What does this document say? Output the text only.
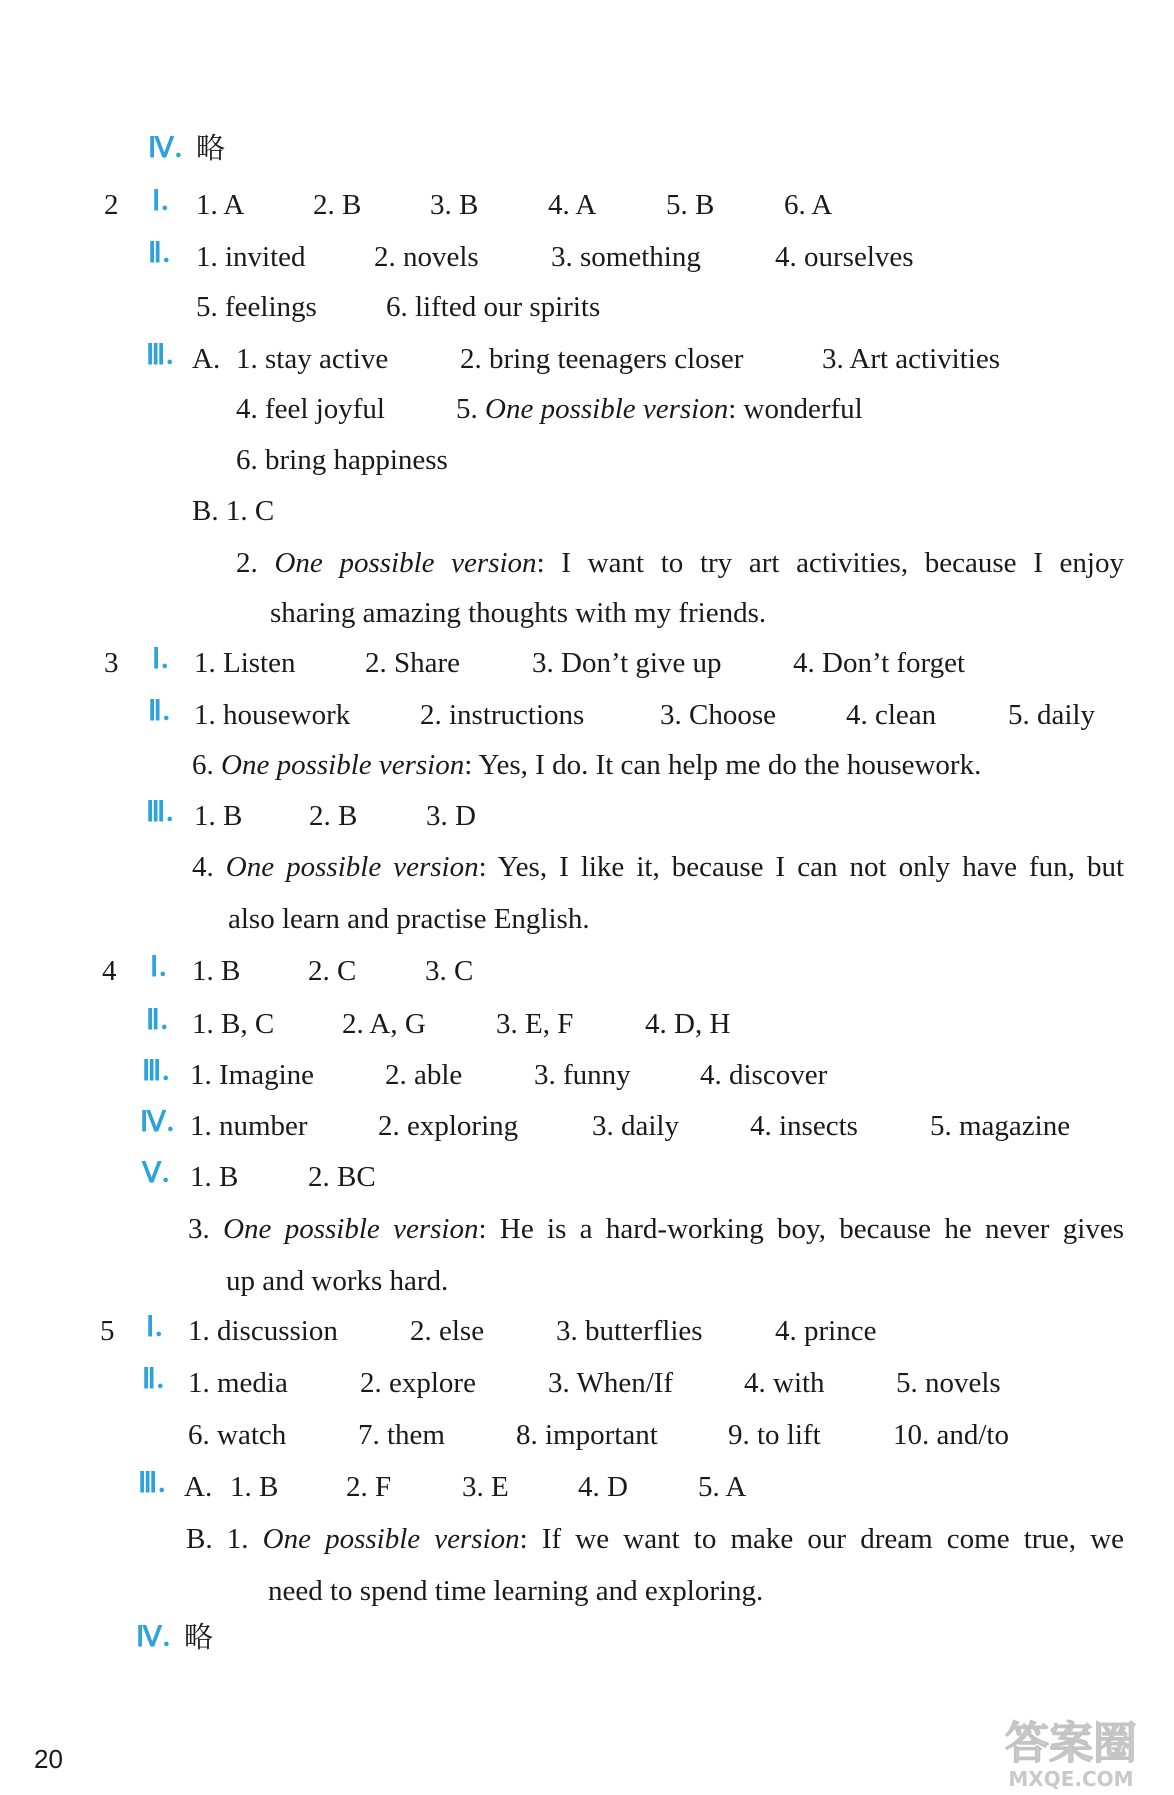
Ⅳ. 略
2 Ⅰ. 1. A 2. B 3. B 4. A 5. B 6. A
Ⅱ. 1. invited 2. novels 3. something	4. ourselves
5. feelings 6. lifted our spirits
Ⅲ. A. 1. stay active 2. bring teenagers closer	3. Art activities
4. feel joyful 5. One possible version: wonderful
6. bring happiness
B. 1. C
2. One possible version: I want to try art activities, because I enjoy
sharing amazing thoughts with my friends.
3 Ⅰ. 1. Listen 2. Share 3. Don’t give up 4. Don’t forget
Ⅱ. 1. housework 2. instructions	3. Choose 4. clean 5. daily
6. One possible version: Yes, I do. It can help me do the housework.
Ⅲ. 1. B 2. B 3. D
4. One possible version: Yes, I like it, because I can not only have fun, but
also learn and practise English.
4 Ⅰ. 1. B 2. C 3. C
Ⅱ. 1. B, C 2. A, G 3. E, F 4. D, H
Ⅲ. 1. Imagine 2. able 3. funny 4. discover
Ⅳ. 1. number 2. exploring	3. daily 4. insects 5. magazine
Ⅴ. 1. B 2. BC
3. One possible version: He is a hard-working boy, because he never gives
up and works hard.
5 Ⅰ. 1. discussion 2. else 3. butterflies 4. prince
Ⅱ. 1. media 2. explore 3. When/If 4. with 5. novels
6. watch 7. them 8. important 9. to lift 10. and/to
Ⅲ. A. 1. B 2. F 3. E 4. D 5. A
B. 1. One possible version: If we want to make our dream come true, we
need to spend time learning and exploring.
Ⅳ. 略
20	答案圈
MXQE.COM
